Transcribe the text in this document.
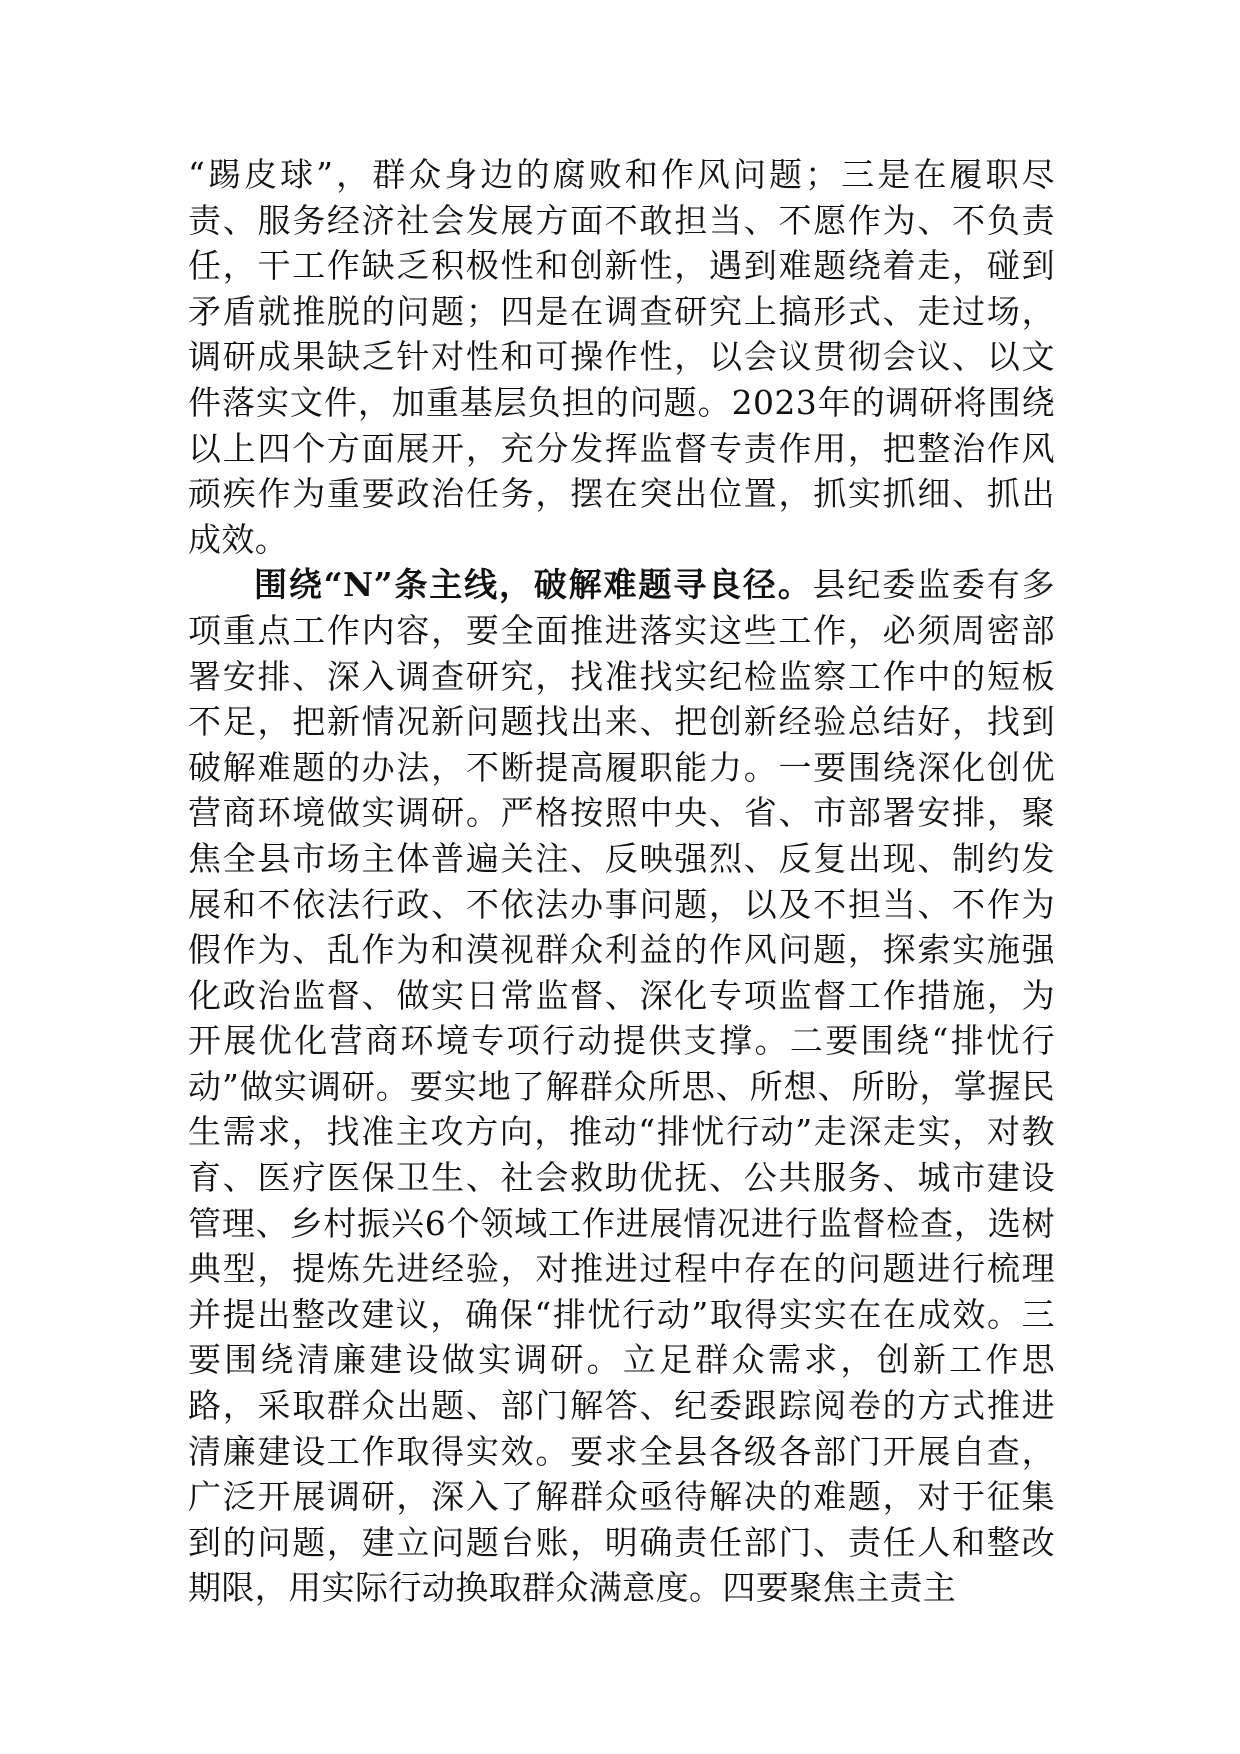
“踢皮球”，群众身边的腐败和作风问题；三是在履职尽责、服务经济社会发展方面不敢担当、不愿作为、不负责任，干工作缺乏积极性和创新性，遇到难题绕着走，碰到矛盾就推脱的问题；四是在调查研究上搞形式、走过场，调研成果缺乏针对性和可操作性，以会议贯彻会议、以文件落实文件，加重基层负担的问题。2023年的调研将围绕以上四个方面展开，充分发挥监督专责作用，把整治作风顽疾作为重要政治任务，摆在突出位置，抓实抓细、抓出成效。

围绕“N”条主线，破解难题寻良径。县纪委监委有多项重点工作内容，要全面推进落实这些工作，必须周密部署安排、深入调查研究，找准找实纪检监察工作中的短板不足，把新情况新问题找出来、把创新经验总结好，找到破解难题的办法，不断提高履职能力。一要围绕深化创优营商环境做实调研。严格按照中央、省、市部署安排，聚焦全县市场主体普遍关注、反映强烈、反复出现、制约发展和不依法行政、不依法办事问题，以及不担当、不作为假作为、乱作为和漠视群众利益的作风问题，探索实施强化政治监督、做实日常监督、深化专项监督工作措施，为开展优化营商环境专项行动提供支撑。二要围绕“排忧行动”做实调研。要实地了解群众所思、所想、所盼，掌握民生需求，找准主攻方向，推动“排忧行动”走深走实，对教育、医疗医保卫生、社会救助优抚、公共服务、城市建设管理、乡村振兴6个领域工作进展情况进行监督检查，选树典型，提炼先进经验，对推进过程中存在的问题进行梳理并提出整改建议，确保“排忧行动”取得实实在在成效。三要围绕清廉建设做实调研。立足群众需求，创新工作思路，采取群众出题、部门解答、纪委跟踪阅卷的方式推进清廉建设工作取得实效。要求全县各级各部门开展自查，广泛开展调研，深入了解群众亟待解决的难题，对于征集到的问题，建立问题台账，明确责任部门、责任人和整改期限，用实际行动换取群众满意度。四要聚焦主责主
